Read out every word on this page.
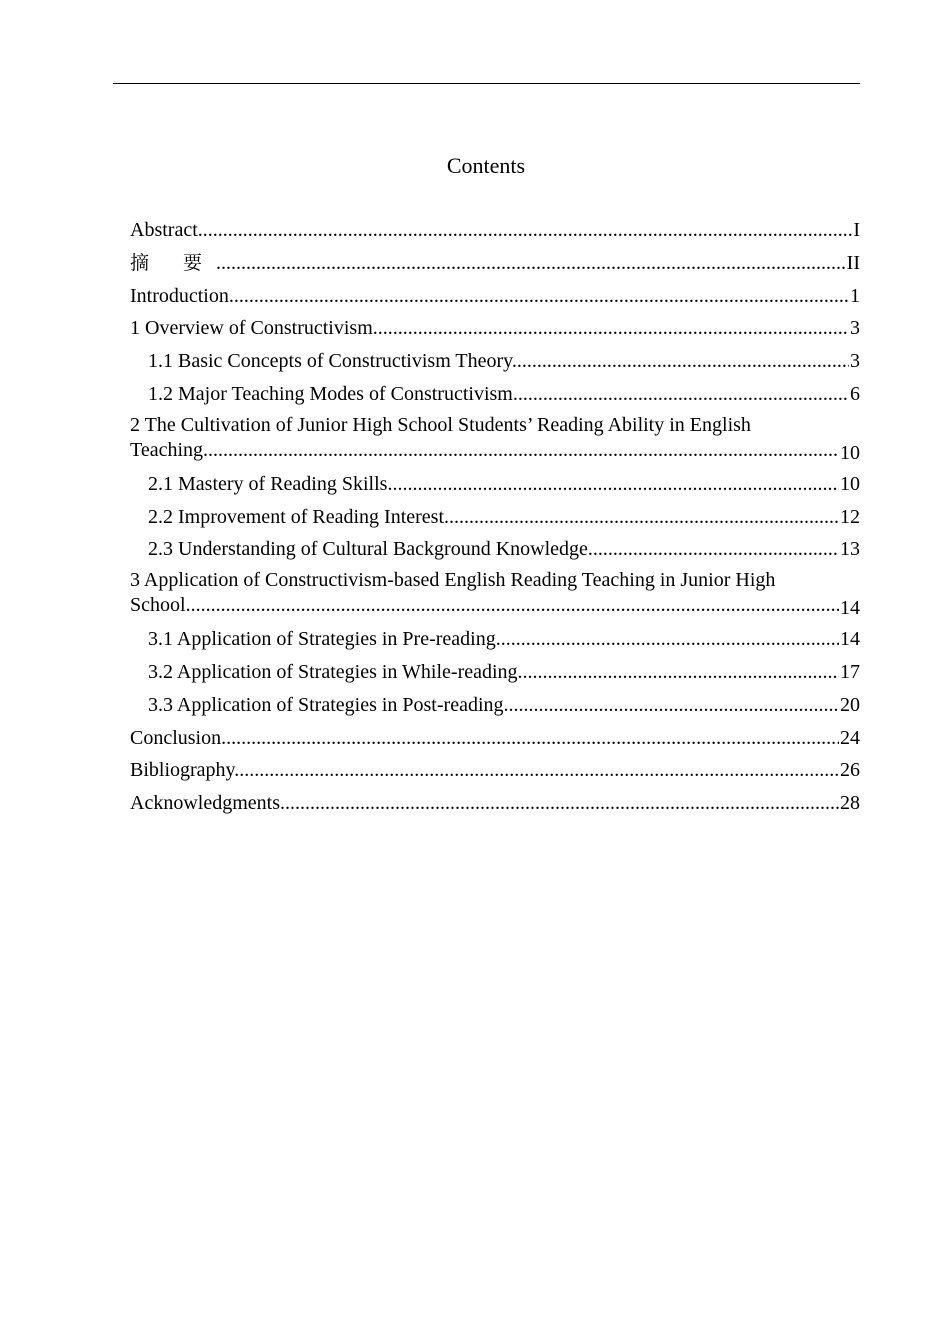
Contents
Abstract .....	I
摘 要 .....	II
Introduction .....	1
1 Overview of Constructivism .....	3
1.1 Basic Concepts of Constructivism Theory .....	3
1.2 Major Teaching Modes of Constructivism .....	6
2 The Cultivation of Junior High School Students’ Reading Ability in English
Teaching .....	10
2.1 Mastery of Reading Skills .....	10
2.2 Improvement of Reading Interest .....	12
2.3 Understanding of Cultural Background Knowledge .....	13
3 Application of Constructivism-based English Reading Teaching in Junior High
School .....	14
3.1 Application of Strategies in Pre-reading .....	14
3.2 Application of Strategies in While-reading .....	17
3.3 Application of Strategies in Post-reading .....	20
Conclusion .....	24
Bibliography .....	26
Acknowledgments .....	28
